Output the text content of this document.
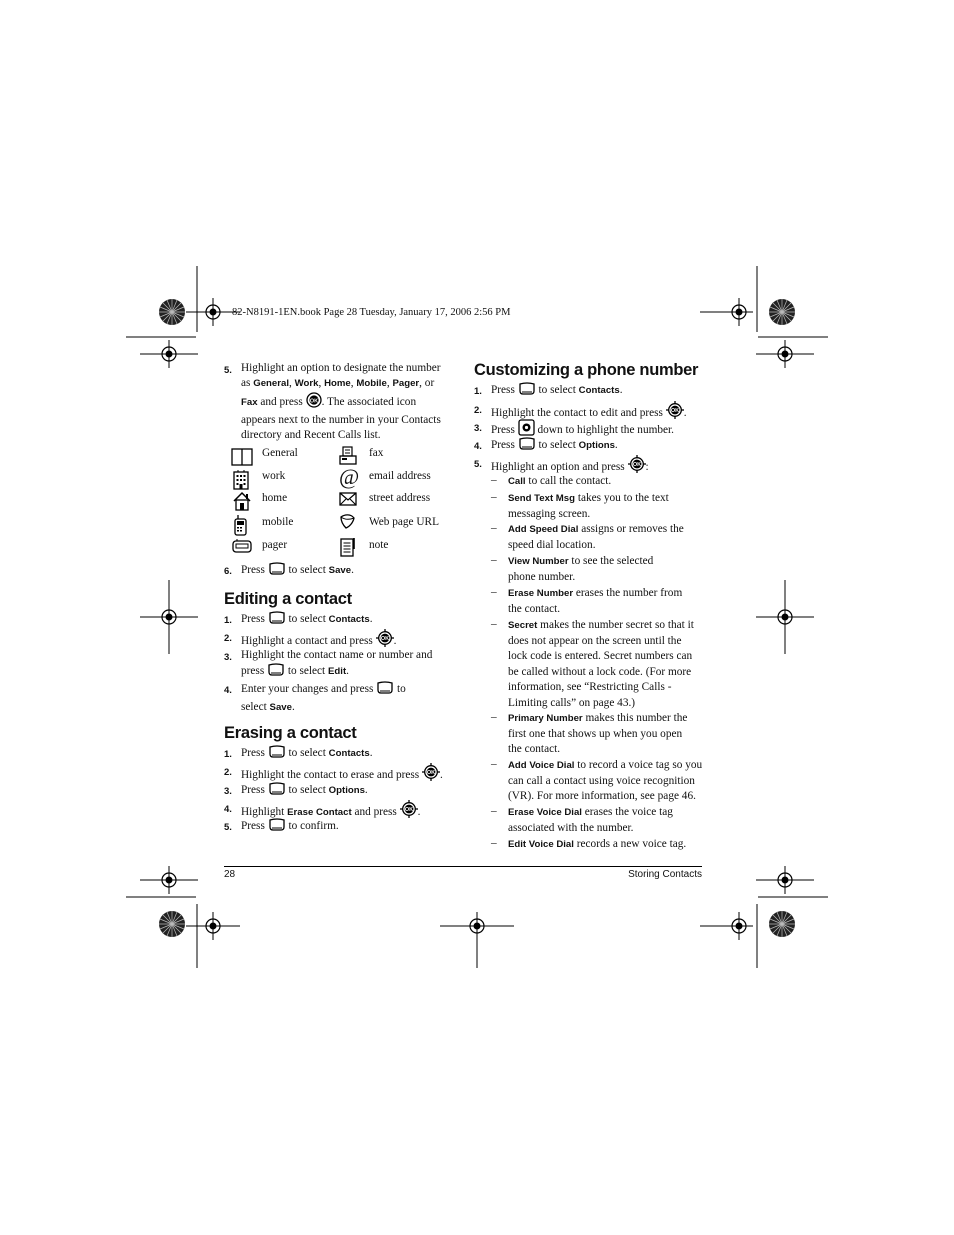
82-N8191-1EN.book Page 28 Tuesday, January 17, 2006 2:56 PM
5. Highlight an option to designate the number
as General, Work, Home, Mobile, Pager, or
Fax and press OK . The associated icon
appears next to the number in your Contacts
directory and Recent Calls list.
General	fax
work @ email address
home	street address
mobile	Web page URL
pager	note
6. Press  to select Save.
Editing a contact
1. Press  to select Contacts.
2. Highlight a contact and press OK .
3. Highlight the contact name or number and
press  to select Edit.
4. Enter your changes and press  to
select Save.
Erasing a contact
1. Press  to select Contacts.
2. Highlight the contact to erase and press OK .
3. Press  to select Options.
4. Highlight Erase Contact and press OK .
5. Press  to confirm.
Customizing a phone number
1. Press  to select Contacts.
2. Highlight the contact to edit and press OK .
3. Press  down to highlight the number.
4. Press  to select Options.
5. Highlight an option and press OK :
– Call to call the contact.
– Send Text Msg takes you to the text
messaging screen.
– Add Speed Dial assigns or removes the
speed dial location.
– View Number to see the selected
phone number.
– Erase Number erases the number from
the contact.
– Secret makes the number secret so that it
does not appear on the screen until the
lock code is entered. Secret numbers can
be called without a lock code. (For more
information, see “Restricting Calls -
Limiting calls” on page 43.)
– Primary Number makes this number the
first one that shows up when you open
the contact.
– Add Voice Dial to record a voice tag so you
can call a contact using voice recognition
(VR). For more information, see page 46.
– Erase Voice Dial erases the voice tag
associated with the number.
– Edit Voice Dial records a new voice tag.
28	Storing Contacts
